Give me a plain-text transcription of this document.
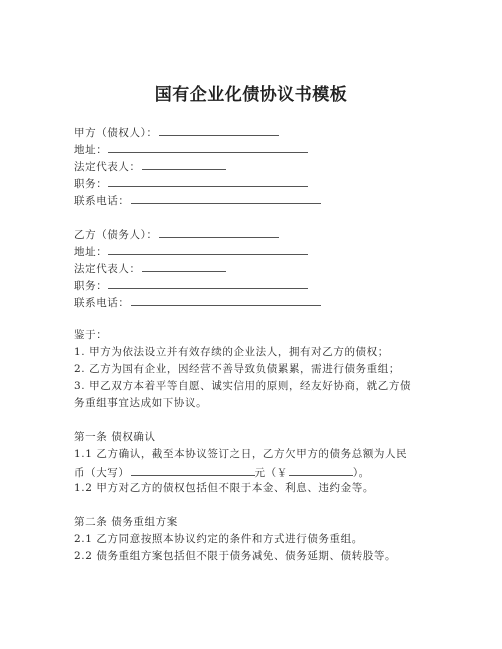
国有企业化债协议书模板
甲方（债权人）：
地址：
法定代表人：
职务：
联系电话：
乙方（债务人）：
地址：
法定代表人：
职务：
联系电话：
鉴于：
1. 甲方为依法设立并有效存续的企业法人，拥有对乙方的债权；
2. 乙方为国有企业，因经营不善导致负债累累，需进行债务重组；
3. 甲乙双方本着平等自愿、诚实信用的原则，经友好协商，就乙方债
务重组事宜达成如下协议。
第一条 债权确认
1.1 乙方确认，截至本协议签订之日，乙方欠甲方的债务总额为人民
币（大写）	元（￥	）。
1.2 甲方对乙方的债权包括但不限于本金、利息、违约金等。
第二条 债务重组方案
2.1 乙方同意按照本协议约定的条件和方式进行债务重组。
2.2 债务重组方案包括但不限于债务减免、债务延期、债转股等。
